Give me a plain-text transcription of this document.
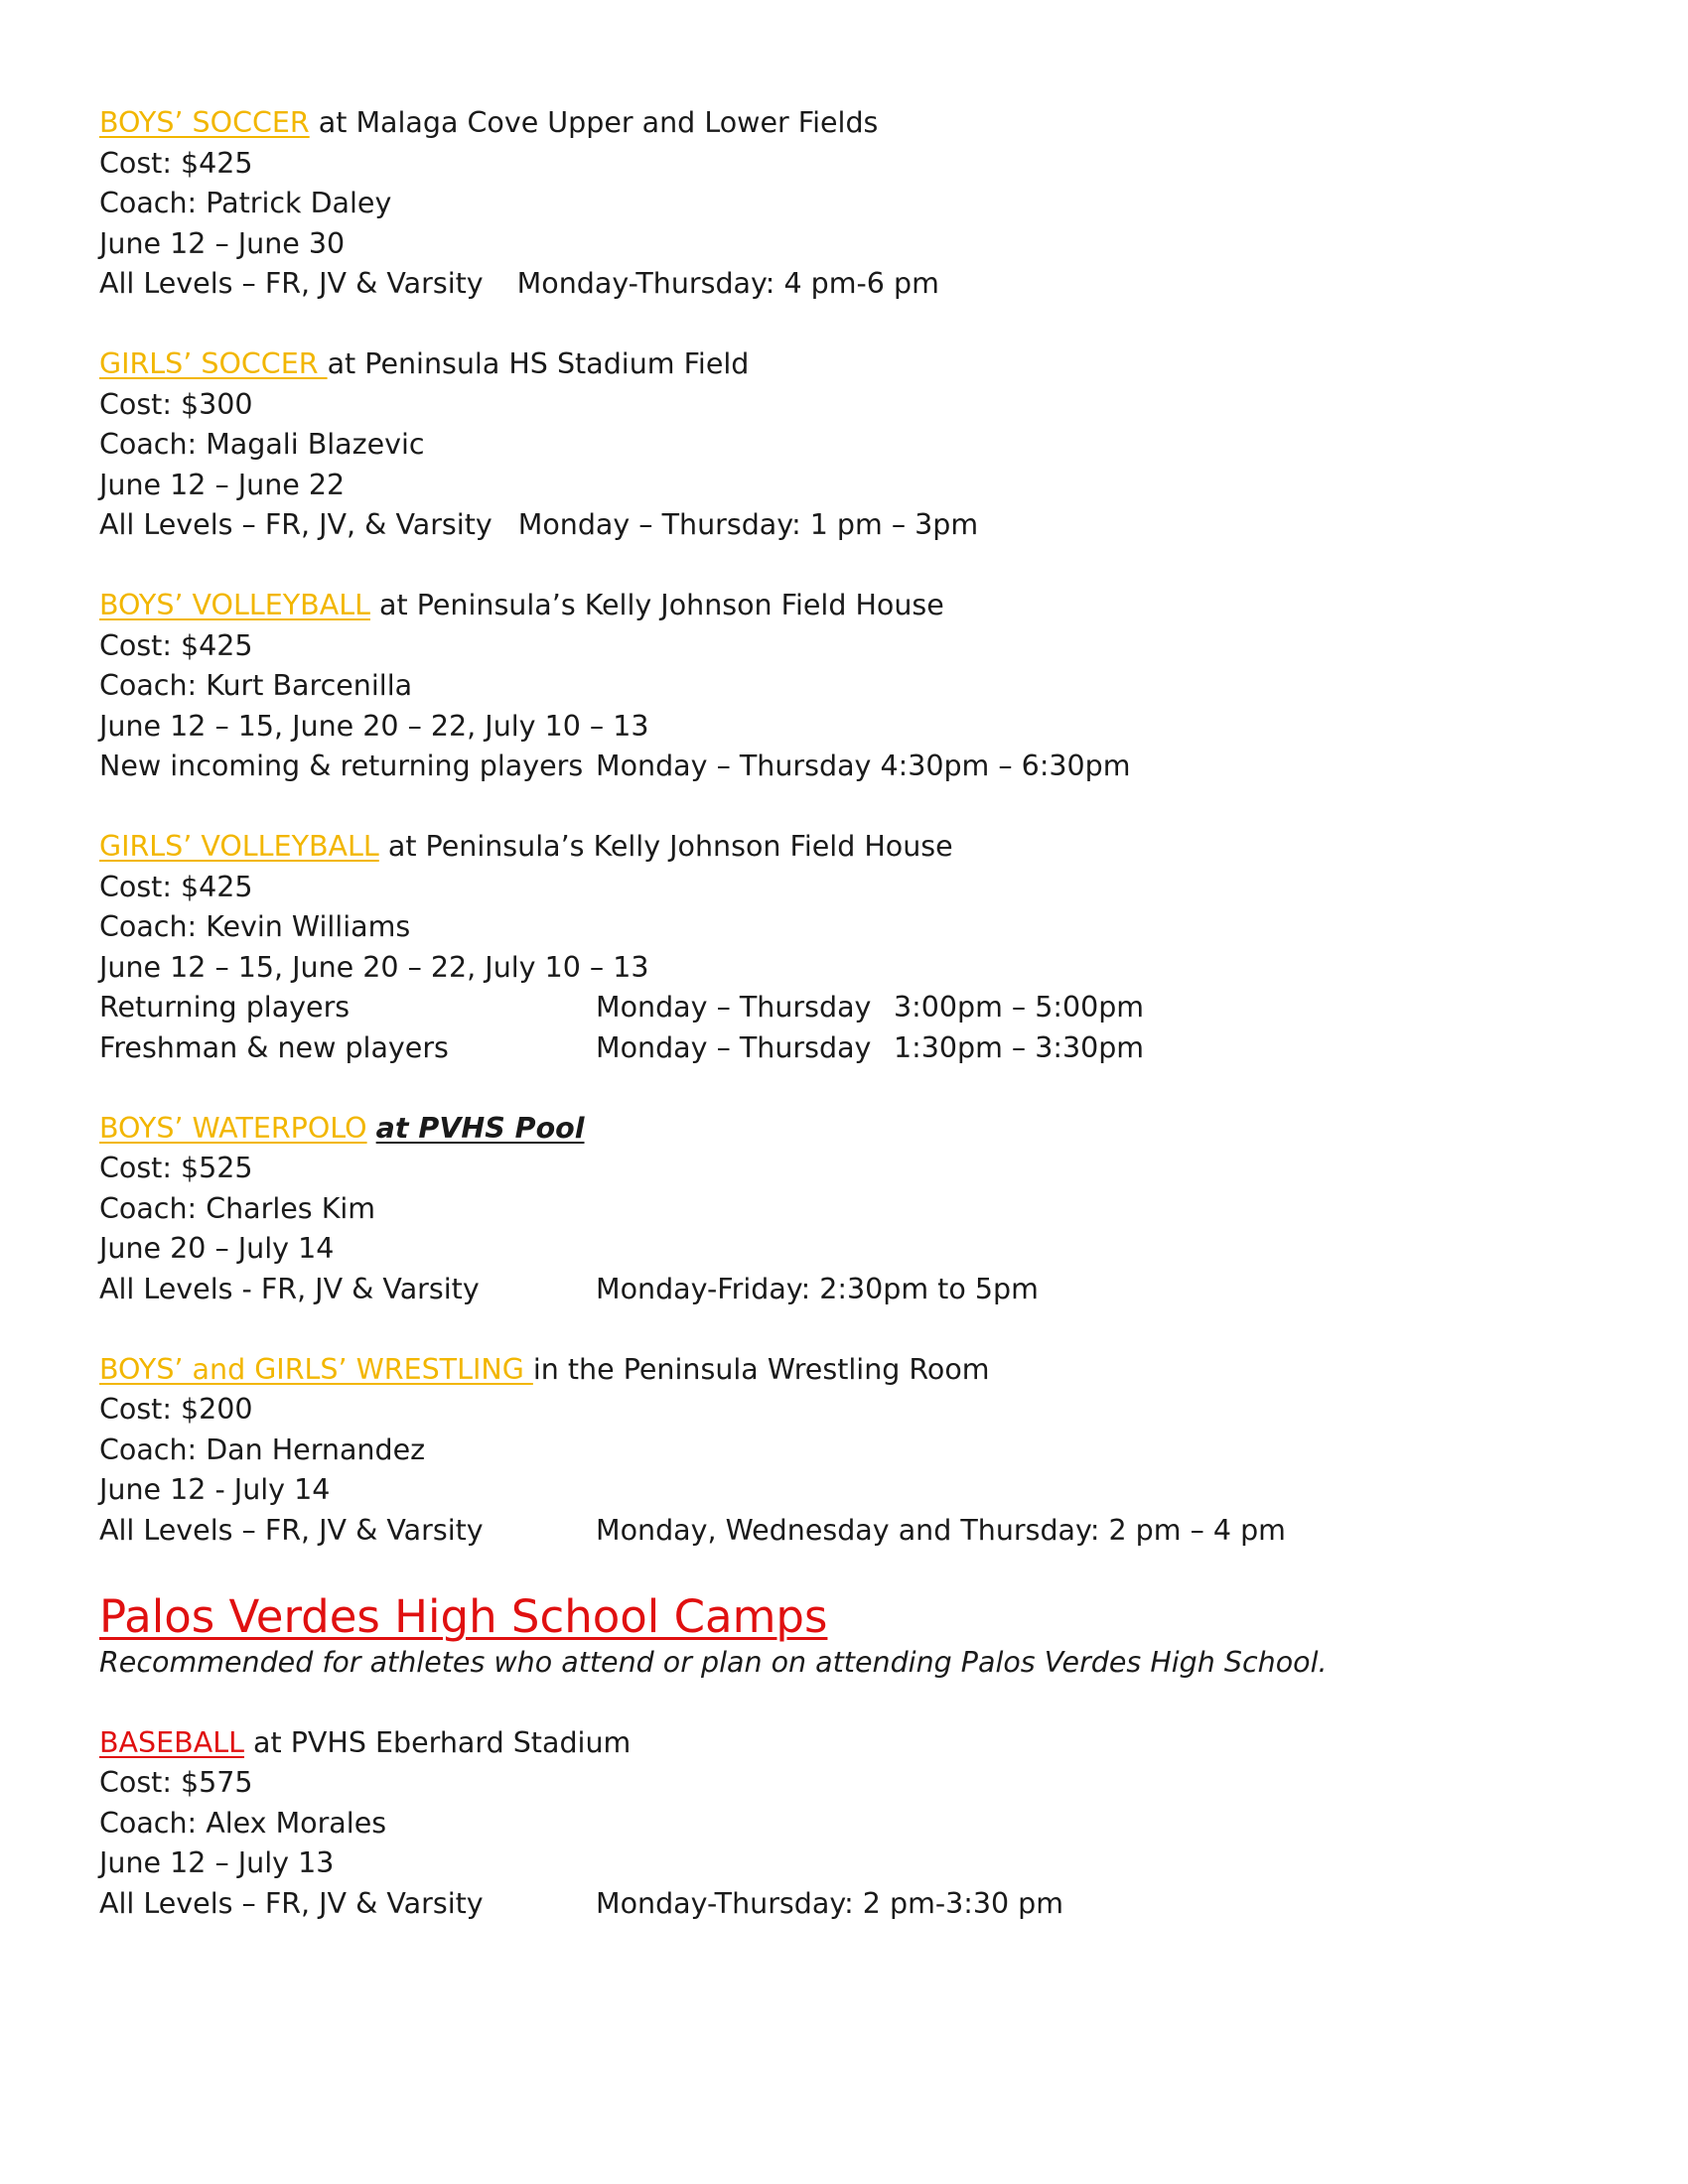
BOYS’ SOCCER at Malaga Cove Upper and Lower Fields
Cost: $425
Coach: Patrick Daley
June 12 – June 30
All Levels – FR, JV & Varsity Monday-Thursday: 4 pm-6 pm
GIRLS’ SOCCER at Peninsula HS Stadium Field
Cost: $300
Coach: Magali Blazevic
June 12 – June 22
All Levels – FR, JV, & Varsity Monday – Thursday: 1 pm – 3pm
BOYS’ VOLLEYBALL at Peninsula’s Kelly Johnson Field House
Cost: $425
Coach: Kurt Barcenilla
June 12 – 15, June 20 – 22, July 10 – 13
New incoming & returning players Monday – Thursday 4:30pm – 6:30pm
GIRLS’ VOLLEYBALL at Peninsula’s Kelly Johnson Field House
Cost: $425
Coach: Kevin Williams
June 12 – 15, June 20 – 22, July 10 – 13
Returning players	Monday – Thursday 3:00pm – 5:00pm
Freshman & new players	Monday – Thursday 1:30pm – 3:30pm
BOYS’ WATERPOLO at PVHS Pool
Cost: $525
Coach: Charles Kim
June 20 – July 14
All Levels - FR, JV & Varsity	Monday-Friday: 2:30pm to 5pm
BOYS’ and GIRLS’ WRESTLING in the Peninsula Wrestling Room
Cost: $200
Coach: Dan Hernandez
June 12 - July 14
All Levels – FR, JV & Varsity	Monday, Wednesday and Thursday: 2 pm – 4 pm
Palos Verdes High School Camps
Recommended for athletes who attend or plan on attending Palos Verdes High School.
BASEBALL at PVHS Eberhard Stadium
Cost: $575
Coach: Alex Morales
June 12 – July 13
All Levels – FR, JV & Varsity	Monday-Thursday: 2 pm-3:30 pm
